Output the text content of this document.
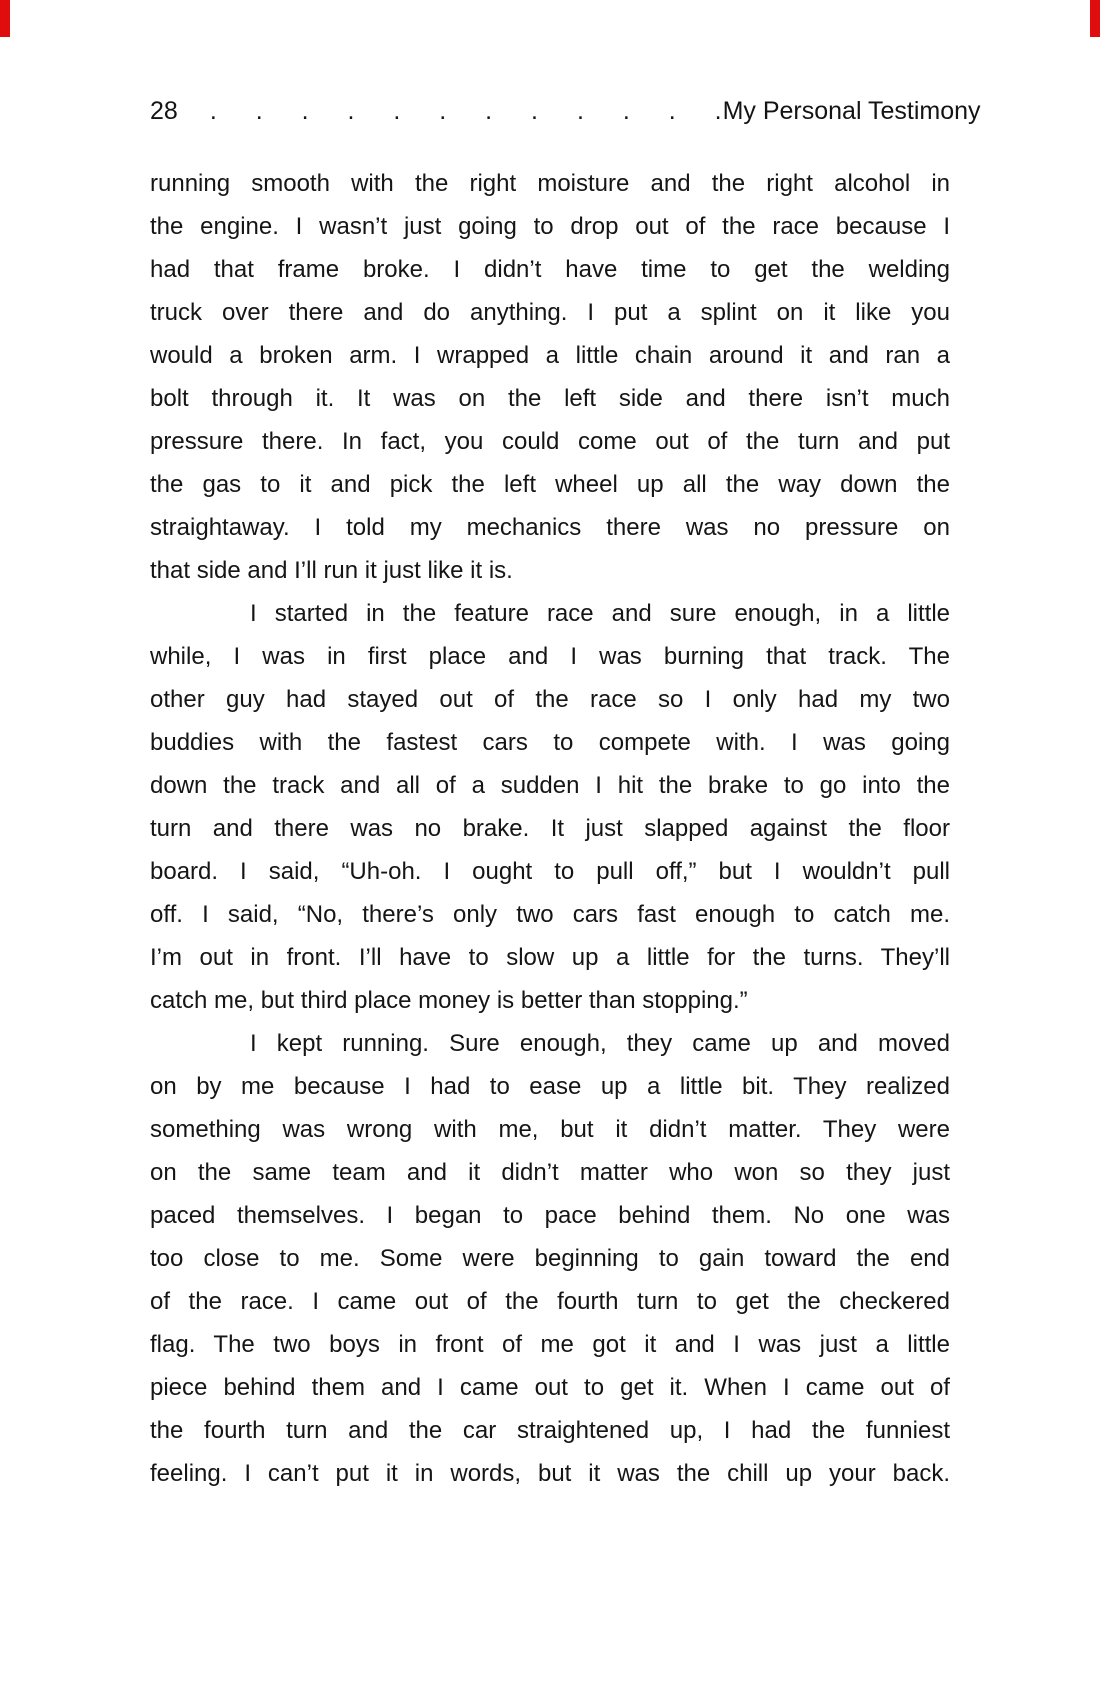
28 . . . . . . . . . . . . My Personal Testimony
running smooth with the right moisture and the right alcohol in
the engine. I wasn’t just going to drop out of the race because I
had that frame broke. I didn’t have time to get the welding
truck over there and do anything. I put a splint on it like you
would a broken arm. I wrapped a little chain around it and ran a
bolt through it. It was on the left side and there isn’t much
pressure there. In fact, you could come out of the turn and put
the gas to it and pick the left wheel up all the way down the
straightaway. I told my mechanics there was no pressure on
that side and I’ll run it just like it is.
I started in the feature race and sure enough, in a little
while, I was in first place and I was burning that track. The
other guy had stayed out of the race so I only had my two
buddies with the fastest cars to compete with. I was going
down the track and all of a sudden I hit the brake to go into the
turn and there was no brake. It just slapped against the floor
board. I said, “Uh-oh. I ought to pull off,” but I wouldn’t pull
off. I said, “No, there’s only two cars fast enough to catch me.
I’m out in front. I’ll have to slow up a little for the turns. They’ll
catch me, but third place money is better than stopping.”
I kept running. Sure enough, they came up and moved
on by me because I had to ease up a little bit. They realized
something was wrong with me, but it didn’t matter. They were
on the same team and it didn’t matter who won so they just
paced themselves. I began to pace behind them. No one was
too close to me. Some were beginning to gain toward the end
of the race. I came out of the fourth turn to get the checkered
flag. The two boys in front of me got it and I was just a little
piece behind them and I came out to get it. When I came out of
the fourth turn and the car straightened up, I had the funniest
feeling. I can’t put it in words, but it was the chill up your back.
